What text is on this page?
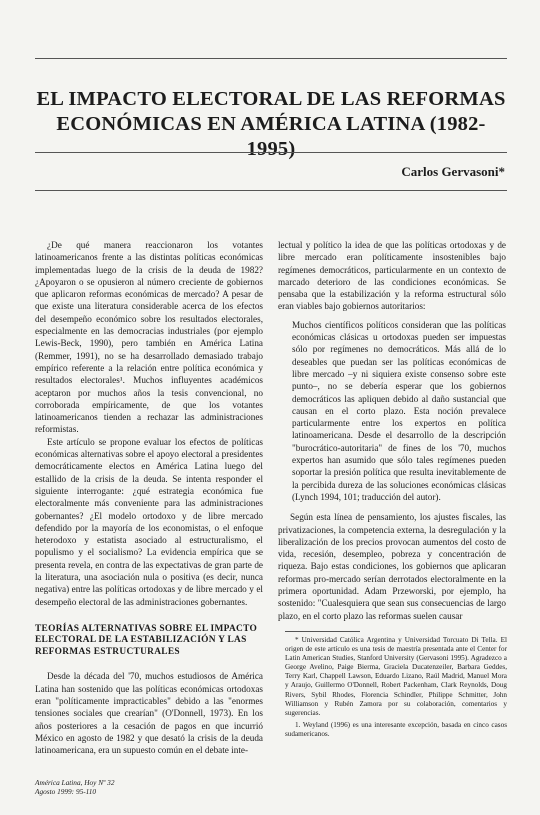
EL IMPACTO ELECTORAL DE LAS REFORMAS
ECONÓMICAS EN AMÉRICA LATINA (1982-1995)
Carlos Gervasoni*

¿De qué manera reaccionaron los votantes latinoamericanos frente a las distintas políticas económicas implementadas luego de la crisis de la deuda de 1982? ¿Apoyaron o se opusieron al número creciente de gobiernos que aplicaron reformas económicas de mercado? A pesar de que existe una literatura considerable acerca de los efectos del desempeño económico sobre los resultados electorales, especialmente en las democracias industriales (por ejemplo Lewis-Beck, 1990), pero también en América Latina (Remmer, 1991), no se ha desarrollado demasiado trabajo empírico referente a la relación entre política económica y resultados electorales¹. Muchos influyentes académicos aceptaron por muchos años la tesis convencional, no corroborada empíricamente, de que los votantes latinoamericanos tienden a rechazar las administraciones reformistas.

Este artículo se propone evaluar los efectos de políticas económicas alternativas sobre el apoyo electoral a presidentes democráticamente electos en América Latina luego del estallido de la crisis de la deuda. Se intenta responder el siguiente interrogante: ¿qué estrategia económica fue electoralmente más conveniente para las administraciones gobernantes? ¿El modelo ortodoxo y de libre mercado defendido por la mayoría de los economistas, o el enfoque heterodoxo y estatista asociado al estructuralismo, el populismo y el socialismo? La evidencia empírica que se presenta revela, en contra de las expectativas de gran parte de la literatura, una asociación nula o positiva (es decir, nunca negativa) entre las políticas ortodoxas y de libre mercado y el desempeño electoral de las administraciones gobernantes.

TEORÍAS ALTERNATIVAS SOBRE EL IMPACTO ELECTORAL DE LA ESTABILIZACIÓN Y LAS REFORMAS ESTRUCTURALES

Desde la década del '70, muchos estudiosos de América Latina han sostenido que las políticas económicas ortodoxas eran "políticamente impracticables" debido a las "enormes tensiones sociales que crearían" (O'Donnell, 1973). En los años posteriores a la cesación de pagos en que incurrió México en agosto de 1982 y que desató la crisis de la deuda latinoamericana, era un supuesto común en el debate inte-

lectual y político la idea de que las políticas ortodoxas y de libre mercado eran políticamente insostenibles bajo regímenes democráticos, particularmente en un contexto de marcado deterioro de las condiciones económicas. Se pensaba que la estabilización y la reforma estructural sólo eran viables bajo gobiernos autoritarios:

Muchos científicos políticos consideran que las políticas económicas clásicas u ortodoxas pueden ser impuestas sólo por regímenes no democráticos. Más allá de lo deseables que puedan ser las políticas económicas de libre mercado –y ni siquiera existe consenso sobre este punto–, no se debería esperar que los gobiernos democráticos las apliquen debido al daño sustancial que causan en el corto plazo. Esta noción prevalece particularmente entre los expertos en política latinoamericana. Desde el desarrollo de la descripción "burocrático-autoritaria" de fines de los '70, muchos expertos han asumido que sólo tales regímenes pueden soportar la presión política que resulta inevitablemente de la percibida dureza de las soluciones económicas clásicas (Lynch 1994, 101; traducción del autor).

Según esta línea de pensamiento, los ajustes fiscales, las privatizaciones, la competencia externa, la desregulación y la liberalización de los precios provocan aumentos del costo de vida, recesión, desempleo, pobreza y concentración de riqueza. Bajo estas condiciones, los gobiernos que aplicaran reformas pro-mercado serían derrotados electoralmente en la primera oportunidad. Adam Przeworski, por ejemplo, ha sostenido: "Cualesquiera que sean sus consecuencias de largo plazo, en el corto plazo las reformas suelen causar

* Universidad Católica Argentina y Universidad Torcuato Di Tella. El origen de este artículo es una tesis de maestría presentada ante el Center for Latin American Studies, Stanford University (Gervasoni 1995). Agradezco a George Avelino, Paige Bierma, Graciela Ducatenzeiler, Barbara Geddes, Terry Karl, Chappell Lawson, Eduardo Lizano, Raúl Madrid, Manuel Mora y Araujo, Guillermo O'Donnell, Robert Packenham, Clark Reynolds, Doug Rivers, Sybil Rhodes, Florencia Schindler, Philippe Schmitter, John Williamson y Rubén Zamora por su colaboración, comentarios y sugerencias.

1. Weyland (1996) es una interesante excepción, basada en cinco casos sudamericanos.

América Latina, Hoy Nº 32
Agosto 1999: 95-110
